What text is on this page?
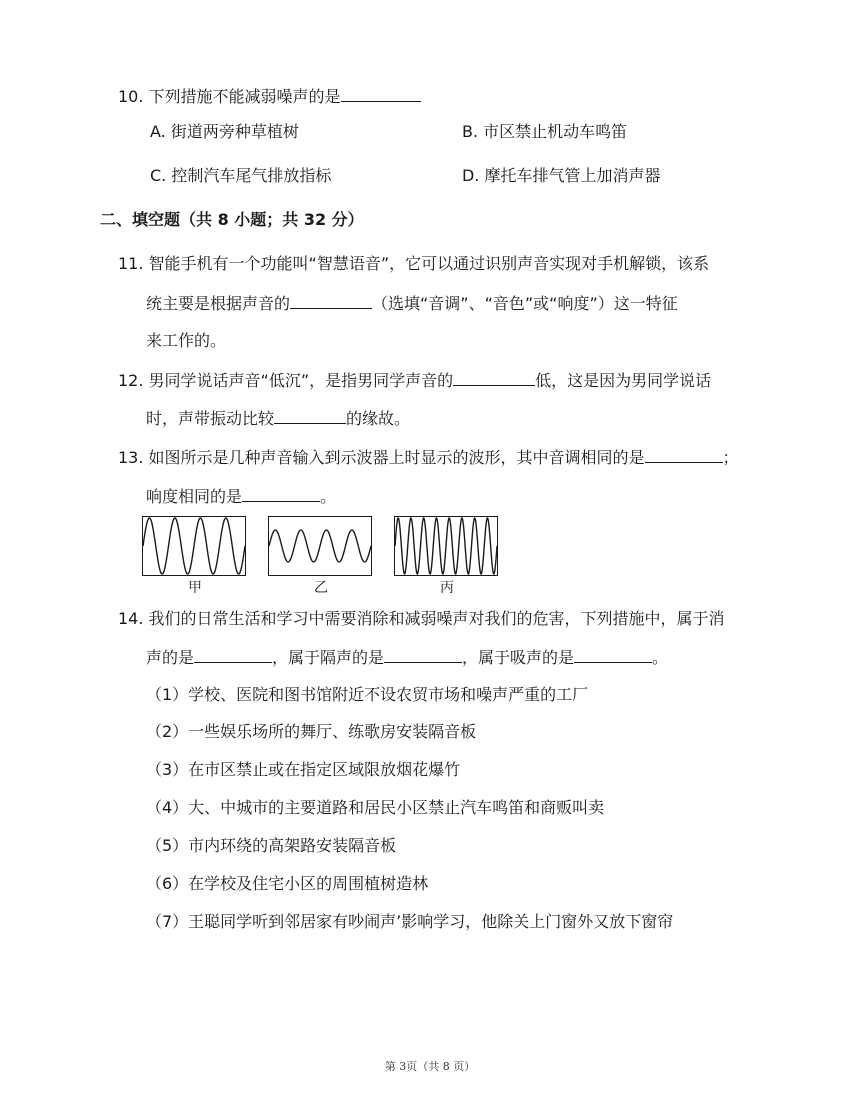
10. 下列措施不能减弱噪声的是
A. 街道两旁种草植树	B. 市区禁止机动车鸣笛
C. 控制汽车尾气排放指标	D. 摩托车排气管上加消声器
二、填空题（共 8 小题；共 32 分）
11. 智能手机有一个功能叫“智慧语音”，它可以通过识别声音实现对手机解锁，该系
统主要是根据声音的	（选填“音调”、“音色”或“响度”）这一特征
来工作的。
12. 男同学说话声音“低沉”，是指男同学声音的	低，这是因为男同学说话
时，声带振动比较	的缘故。
13. 如图所示是几种声音输入到示波器上时显示的波形，其中音调相同的是	；
响度相同的是	。
甲	乙	丙
14. 我们的日常生活和学习中需要消除和减弱噪声对我们的危害，下列措施中，属于消
声的是	，属于隔声的是	，属于吸声的是	。
（1）学校、医院和图书馆附近不设农贸市场和噪声严重的工厂
（2）一些娱乐场所的舞厅、练歌房安装隔音板
（3）在市区禁止或在指定区域限放烟花爆竹
（4）大、中城市的主要道路和居民小区禁止汽车鸣笛和商贩叫卖
（5）市内环绕的高架路安装隔音板
（6）在学校及住宅小区的周围植树造林
（7）王聪同学听到邻居家有吵闹声’影响学习，他除关上门窗外又放下窗帘
第 3页（共 8 页）
